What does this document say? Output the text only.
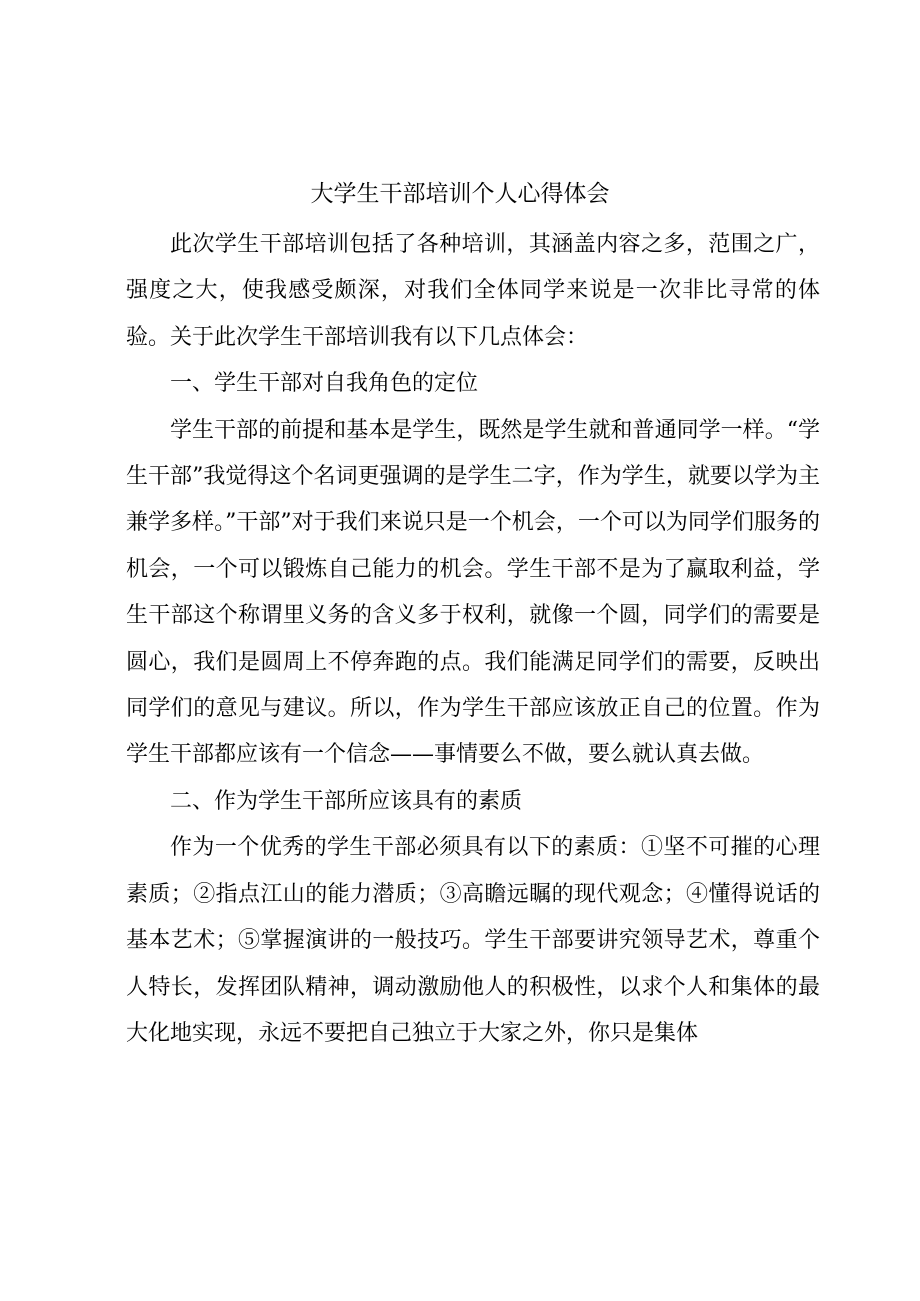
大学生干部培训个人心得体会

此次学生干部培训包括了各种培训，其涵盖内容之多，范围之广，强度之大，使我感受颇深，对我们全体同学来说是一次非比寻常的体验。关于此次学生干部培训我有以下几点体会：

一、学生干部对自我角色的定位

学生干部的前提和基本是学生，既然是学生就和普通同学一样。“学生干部”我觉得这个名词更强调的是学生二字，作为学生，就要以学为主兼学多样。”干部”对于我们来说只是一个机会，一个可以为同学们服务的机会，一个可以锻炼自己能力的机会。学生干部不是为了赢取利益，学生干部这个称谓里义务的含义多于权利，就像一个圆，同学们的需要是圆心，我们是圆周上不停奔跑的点。我们能满足同学们的需要，反映出同学们的意见与建议。所以，作为学生干部应该放正自己的位置。作为学生干部都应该有一个信念——事情要么不做，要么就认真去做。

二、作为学生干部所应该具有的素质

作为一个优秀的学生干部必须具有以下的素质：①坚不可摧的心理素质；②指点江山的能力潜质；③高瞻远瞩的现代观念；④懂得说话的基本艺术；⑤掌握演讲的一般技巧。学生干部要讲究领导艺术，尊重个人特长，发挥团队精神，调动激励他人的积极性，以求个人和集体的最大化地实现，永远不要把自己独立于大家之外，你只是集体
